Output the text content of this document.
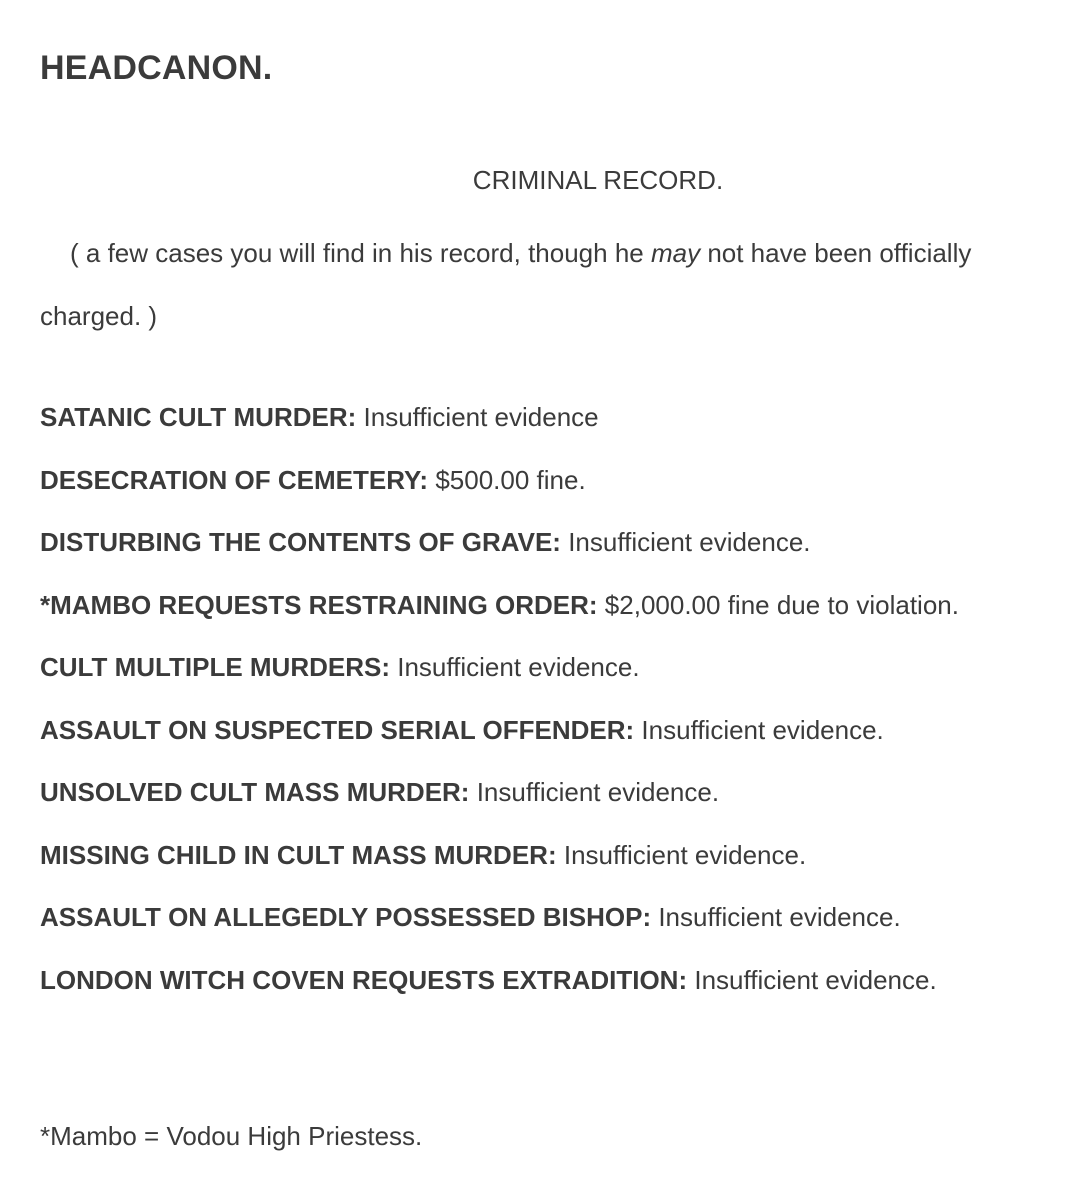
HEADCANON.
CRIMINAL RECORD.

( a few cases you will find in his record, though he may not have been officially charged. )

SATANIC CULT MURDER: Insufficient evidence
DESECRATION OF CEMETERY: $500.00 fine.
DISTURBING THE CONTENTS OF GRAVE: Insufficient evidence.
*MAMBO REQUESTS RESTRAINING ORDER: $2,000.00 fine due to violation.
CULT MULTIPLE MURDERS: Insufficient evidence.
ASSAULT ON SUSPECTED SERIAL OFFENDER: Insufficient evidence.
UNSOLVED CULT MASS MURDER: Insufficient evidence.
MISSING CHILD IN CULT MASS MURDER: Insufficient evidence.
ASSAULT ON ALLEGEDLY POSSESSED BISHOP: Insufficient evidence.
LONDON WITCH COVEN REQUESTS EXTRADITION: Insufficient evidence.

*Mambo = Vodou High Priestess.
